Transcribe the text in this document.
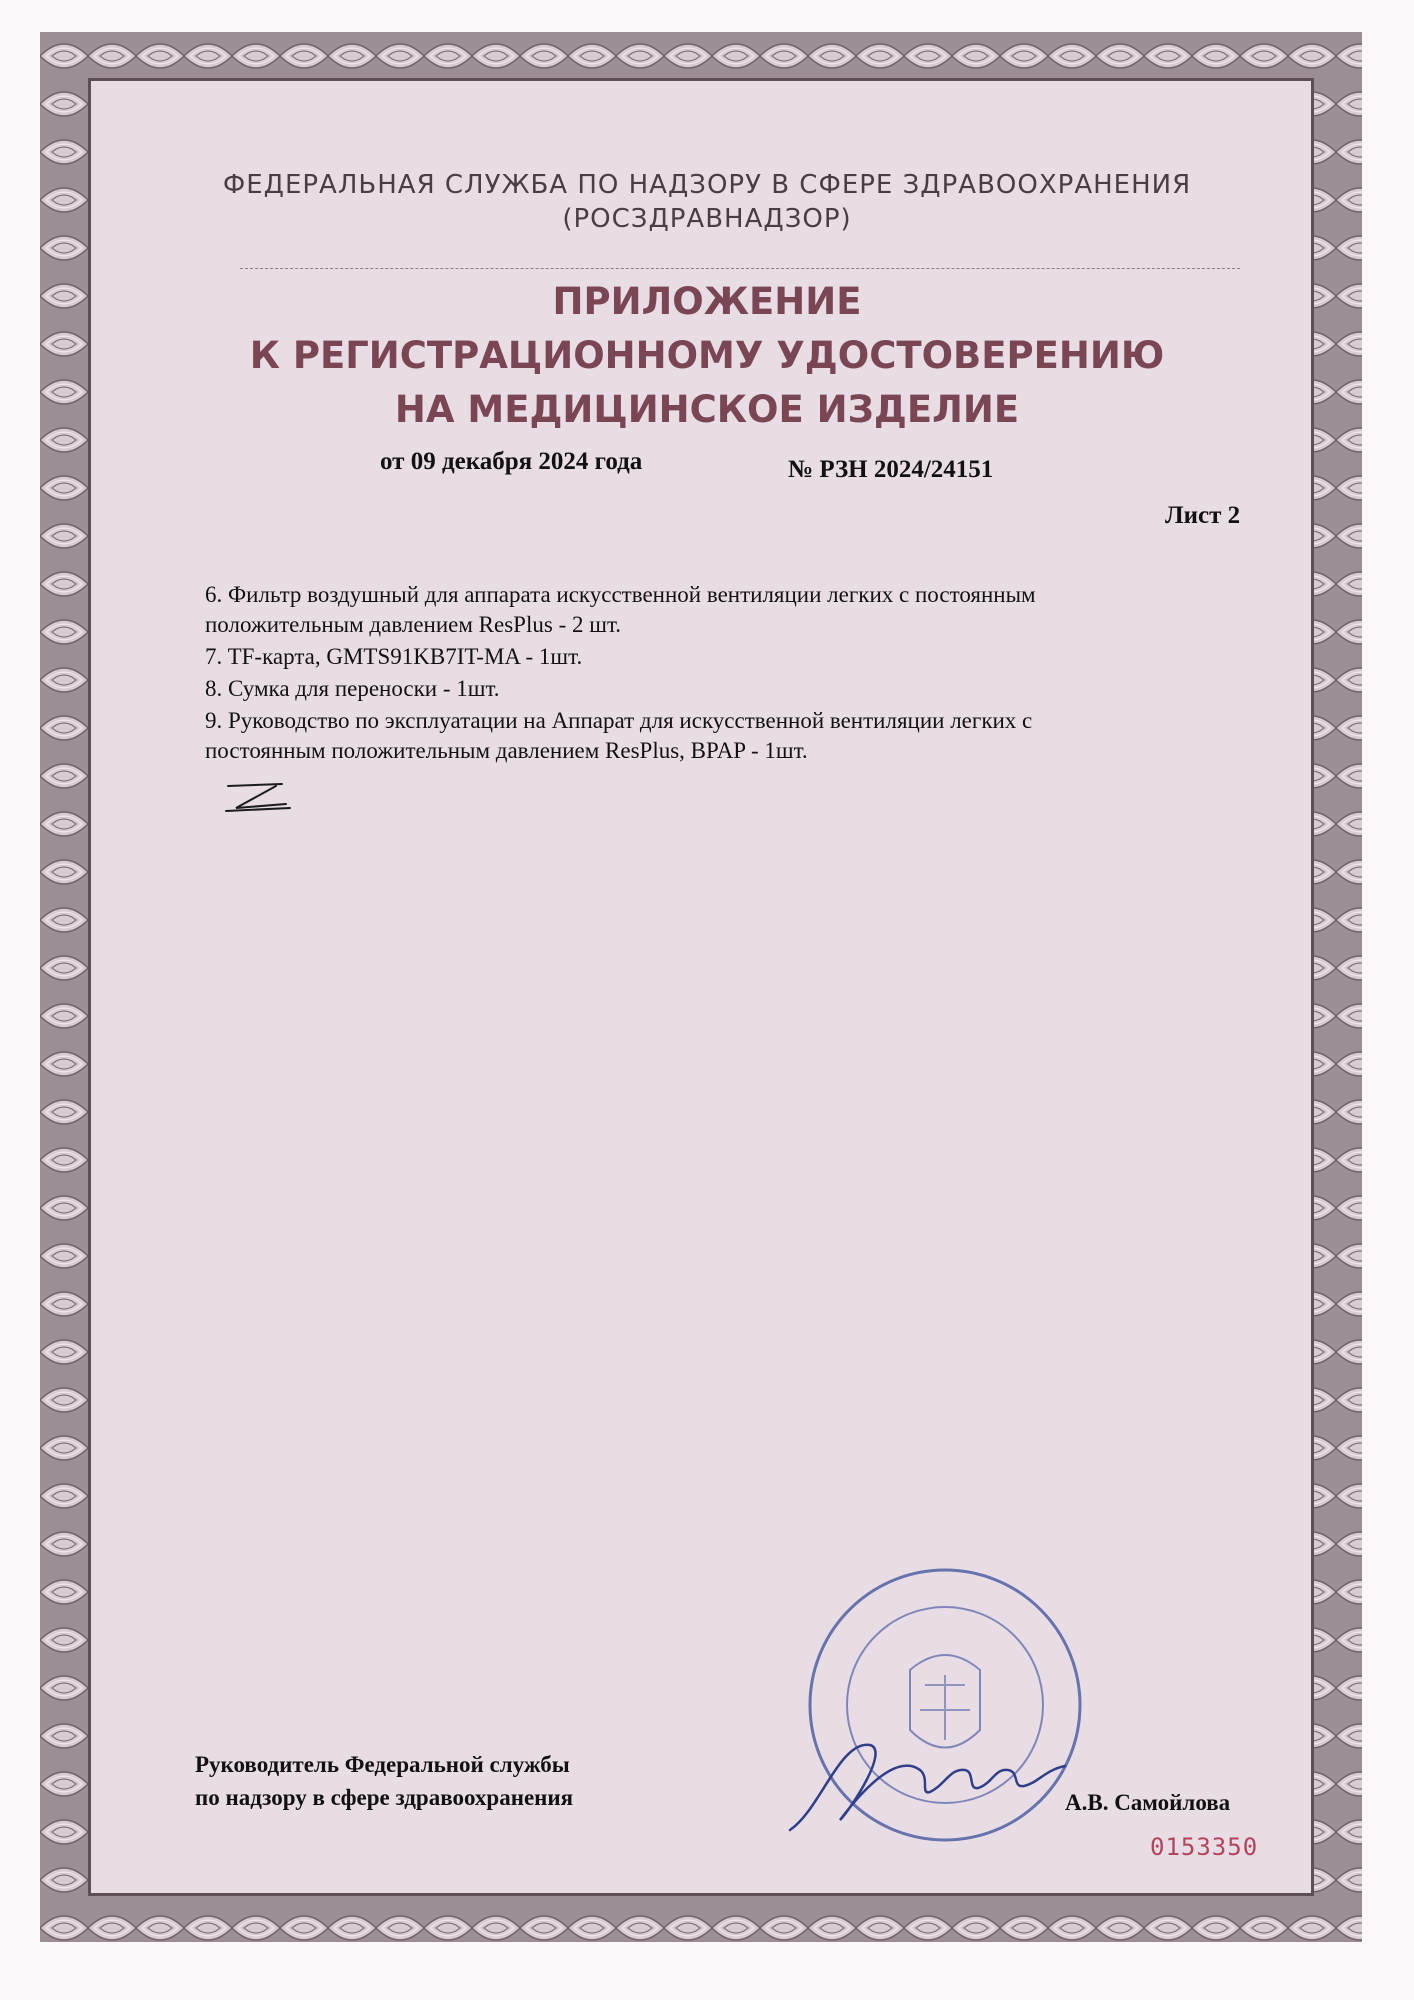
ФЕДЕРАЛЬНАЯ СЛУЖБА ПО НАДЗОРУ В СФЕРЕ ЗДРАВООХРАНЕНИЯ
(РОСЗДРАВНАДЗОР)
ПРИЛОЖЕНИЕ
К РЕГИСТРАЦИОННОМУ УДОСТОВЕРЕНИЮ
НА МЕДИЦИНСКОЕ ИЗДЕЛИЕ
от 09 декабря 2024 года	№ РЗН 2024/24151
Лист 2
6. Фильтр воздушный для аппарата искусственной вентиляции легких с постоянным
положительным давлением ResPlus - 2 шт.
7. TF-карта, GMTS91KB7IT-MA - 1шт.
8. Сумка для переноски - 1шт.
9. Руководство по эксплуатации на Аппарат для искусственной вентиляции легких с
постоянным положительным давлением ResPlus, BPAP - 1шт.
Руководитель Федеральной службы
по надзору в сфере здравоохранения	А.В. Самойлова
0153350
